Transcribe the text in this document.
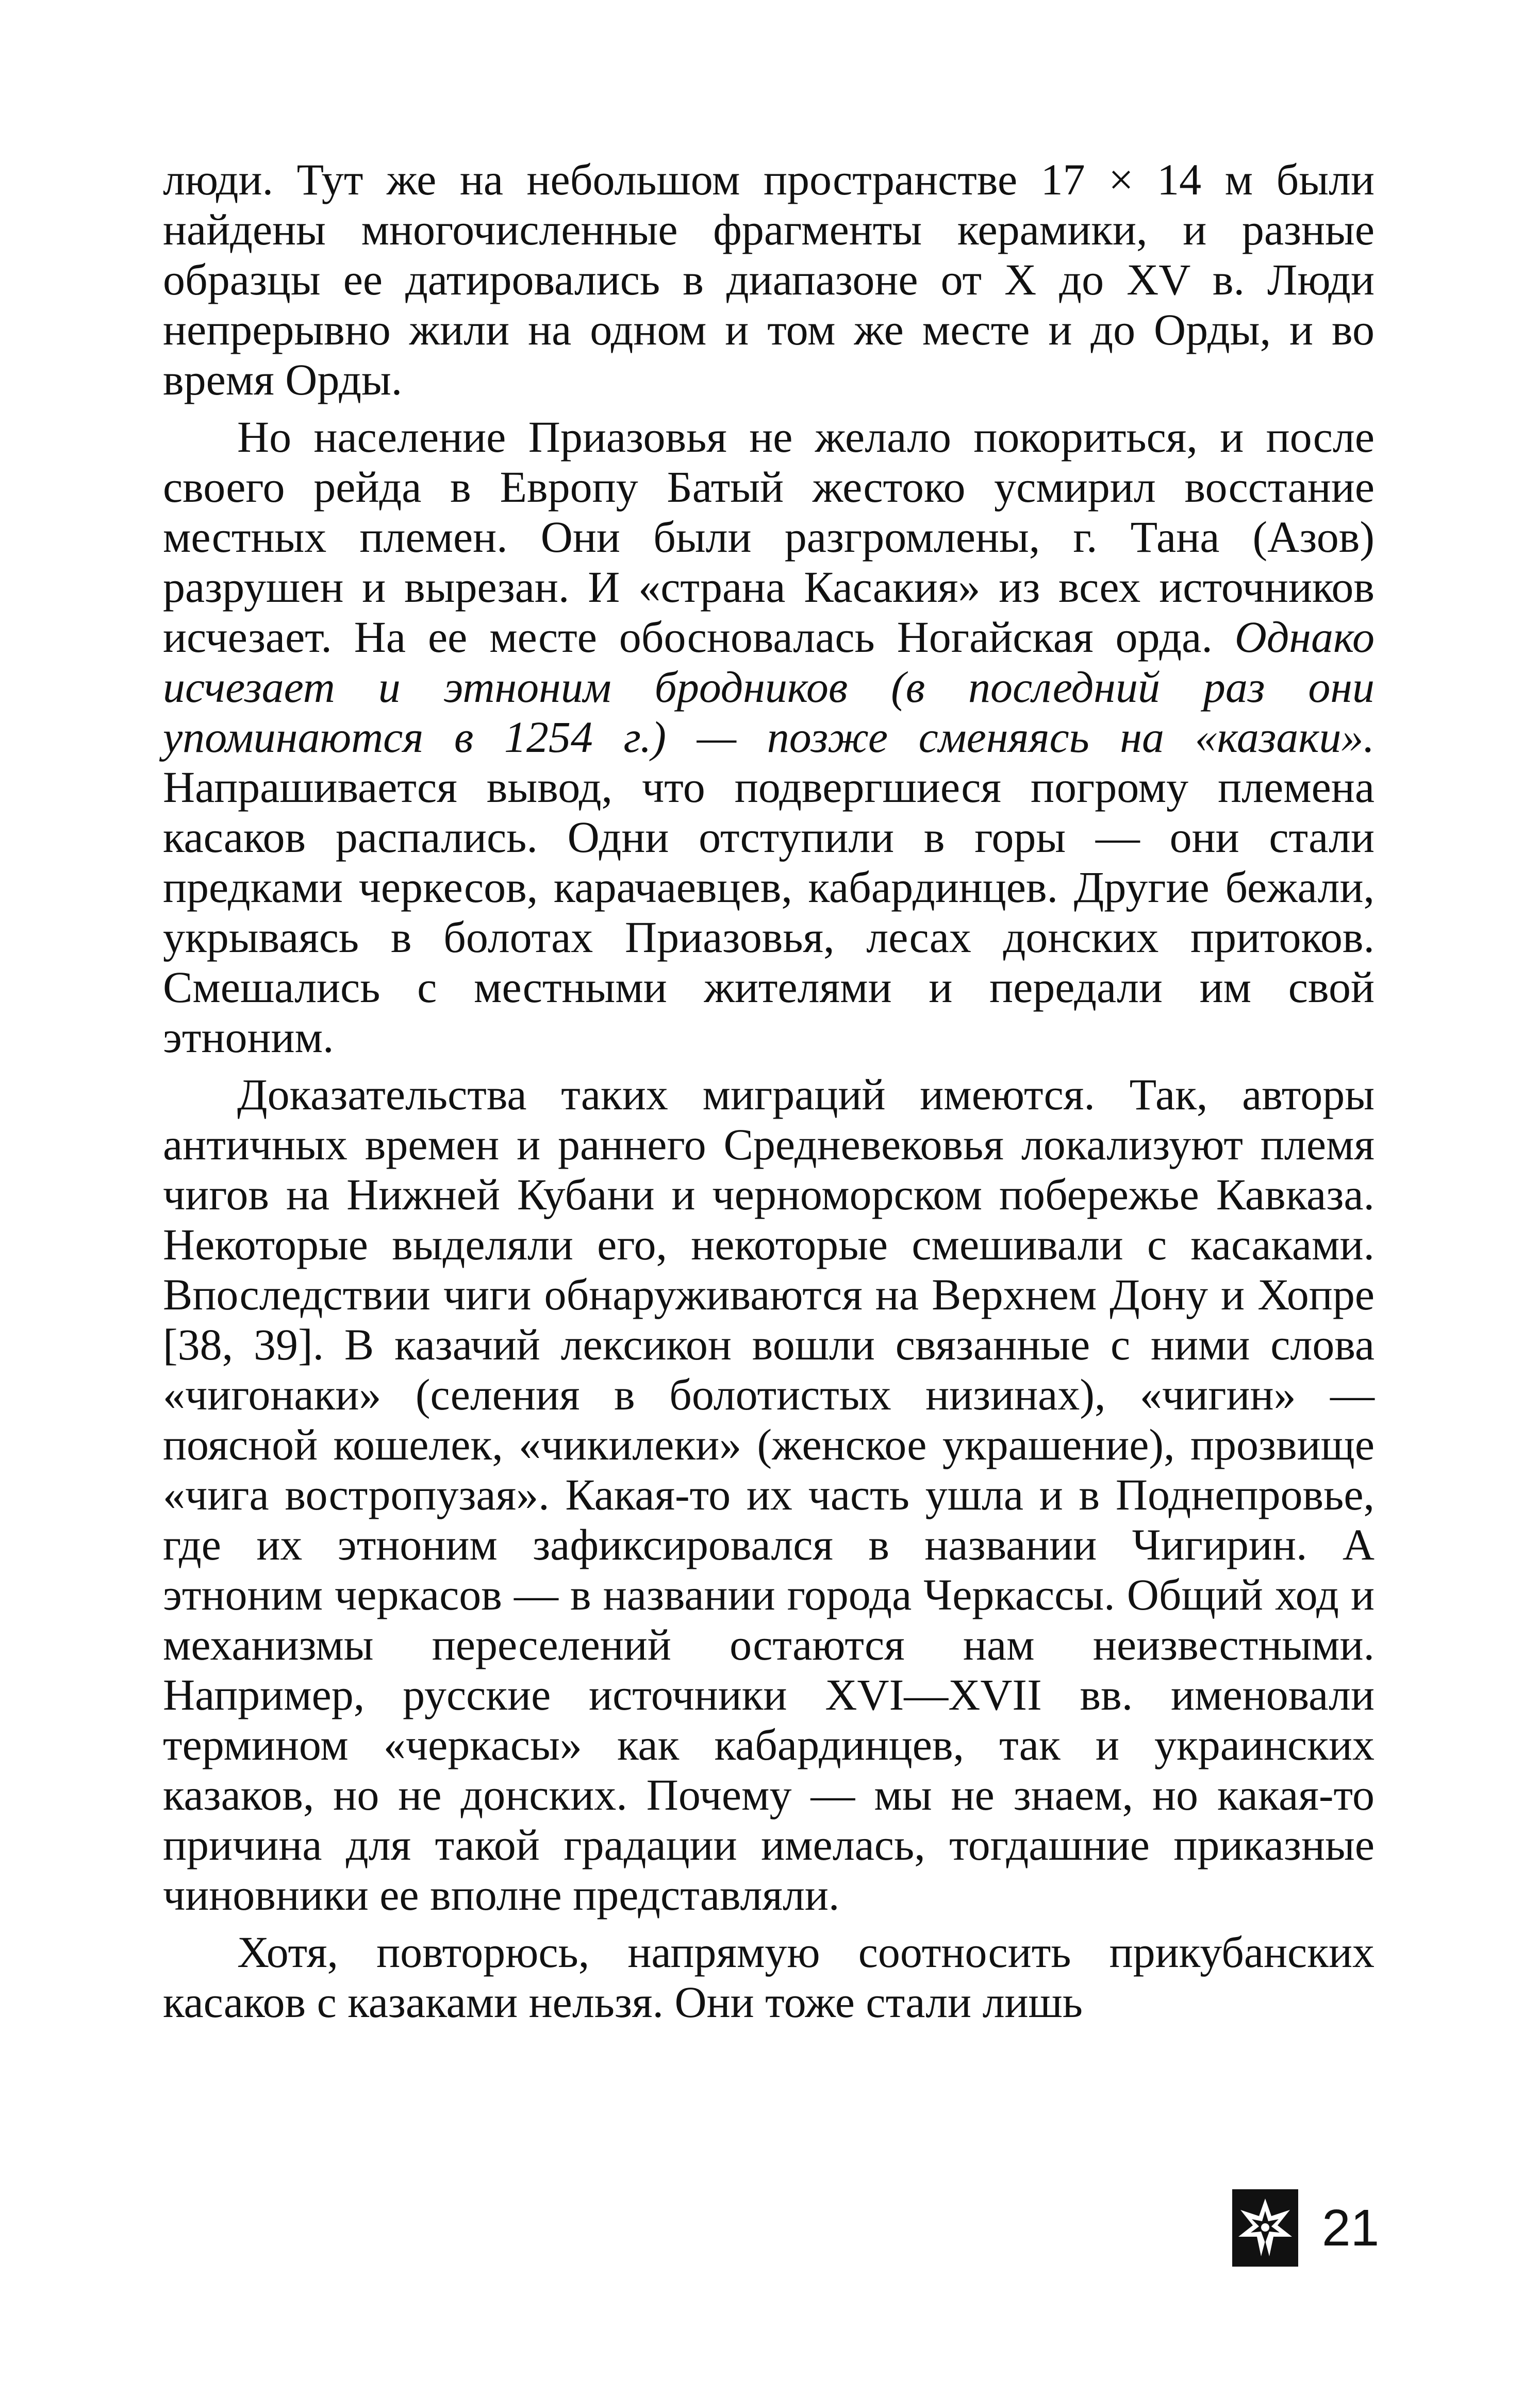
люди. Тут же на небольшом пространстве 17 × 14 м были найдены многочисленные фрагменты керамики, и разные образцы ее датировались в диапазоне от X до XV в. Люди непрерывно жили на одном и том же месте и до Орды, и во время Орды.

Но население Приазовья не желало покориться, и после своего рейда в Европу Батый жестоко усмирил восстание местных племен. Они были разгромлены, г. Тана (Азов) разрушен и вырезан. И «страна Касакия» из всех источников исчезает. На ее месте обосновалась Ногайская орда. Однако исчезает и этноним бродников (в последний раз они упоминаются в 1254 г.) — позже сменяясь на «казаки». Напрашивается вывод, что подвергшиеся погрому племена касаков распались. Одни отступили в горы — они стали предками черкесов, карачаевцев, кабардинцев. Другие бежали, укрываясь в болотах Приазовья, лесах донских притоков. Смешались с местными жителями и передали им свой этноним.

Доказательства таких миграций имеются. Так, авторы античных времен и раннего Средневековья локализуют племя чигов на Нижней Кубани и черноморском побережье Кавказа. Некоторые выделяли его, некоторые смешивали с касаками. Впоследствии чиги обнаруживаются на Верхнем Дону и Хопре [38, 39]. В казачий лексикон вошли связанные с ними слова «чигонаки» (селения в болотистых низинах), «чигин» — поясной кошелек, «чикилеки» (женское украшение), прозвище «чига востропузая». Какая-то их часть ушла и в Поднепровье, где их этноним зафиксировался в названии Чигирин. А этноним черкасов — в названии города Черкассы. Общий ход и механизмы переселений остаются нам неизвестными. Например, русские источники XVI—XVII вв. именовали термином «черкасы» как кабардинцев, так и украинских казаков, но не донских. Почему — мы не знаем, но какая-то причина для такой градации имелась, тогдашние приказные чиновники ее вполне представляли.

Хотя, повторюсь, напрямую соотносить прикубанских касаков с казаками нельзя. Они тоже стали лишь

21
